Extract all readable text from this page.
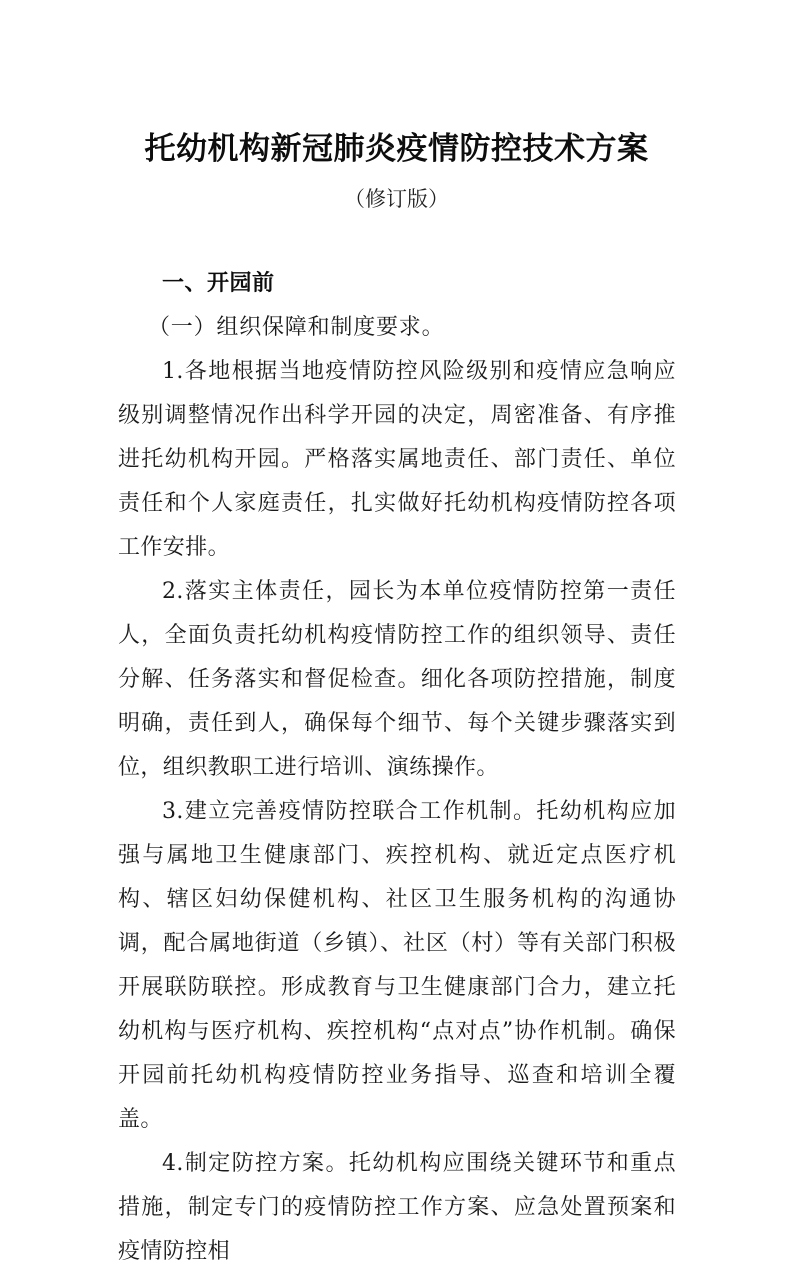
托幼机构新冠肺炎疫情防控技术方案
（修订版）
一、开园前

（一）组织保障和制度要求。

1.各地根据当地疫情防控风险级别和疫情应急响应级别调整情况作出科学开园的决定，周密准备、有序推进托幼机构开园。严格落实属地责任、部门责任、单位责任和个人家庭责任，扎实做好托幼机构疫情防控各项工作安排。

2.落实主体责任，园长为本单位疫情防控第一责任人，全面负责托幼机构疫情防控工作的组织领导、责任分解、任务落实和督促检查。细化各项防控措施，制度明确，责任到人，确保每个细节、每个关键步骤落实到位，组织教职工进行培训、演练操作。

3.建立完善疫情防控联合工作机制。托幼机构应加强与属地卫生健康部门、疾控机构、就近定点医疗机构、辖区妇幼保健机构、社区卫生服务机构的沟通协调，配合属地街道（乡镇）、社区（村）等有关部门积极开展联防联控。形成教育与卫生健康部门合力，建立托幼机构与医疗机构、疾控机构“点对点”协作机制。确保开园前托幼机构疫情防控业务指导、巡查和培训全覆盖。

4.制定防控方案。托幼机构应围绕关键环节和重点措施，制定专门的疫情防控工作方案、应急处置预案和疫情防控相
